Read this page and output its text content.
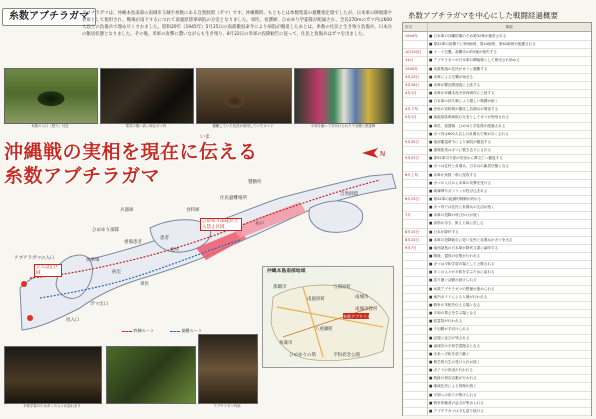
糸数アブチラガマ
アブチラガマは、沖縄本島南部の南城市玉城字糸数にある自然洞窟（ガマ）です。沖縄戦時、もともとは糸数集落の避難指定壕でしたが、日本軍の陣地壕や倉庫として使用され、戦場が南下するにつれて南風原陸軍病院の分室となりました。軍医、看護婦、ひめゆり学徒隊が配属され、全長270mのガマ内は600人以上の負傷兵で埋め尽くされました。昭和20年（1945年）5月25日の南部撤退命令により病院が撤退したあとは、糸数の住民と生き残り負傷兵、日本兵の雑居状態となりました。その後、米軍の攻撃に遭いながらも生き残り、8月22日の米軍の投降勧告に従って、住民と負傷兵はガマを出ました。
糸数の入口（竪穴）付近	電気の無い真っ暗なガマ内	避難していた住民が使用していたカマド	平和を願って手向けられた千羽鶴と慰霊碑
いま
沖縄戦の実相を現在に伝える
糸数アブチラガマ
N
製糖所
住民避難場所
自然洞窟
兵器庫	食料庫
井戸
ひめゆり部隊
重傷患者
患者
便所
炊事場
病室
ガマ出口
アブチラガマの入口
軍医
投入口
ひめゆり部隊が立入禁止区域
立入禁止区域
病棟ルート	避難ルート
沖縄本島南部地域
那覇市
南風原町	南城市
糸満市
八重瀬町
与那原町
ひめゆりの塔	平和祈念公園
糸数アブチラガマ
南城市役所
平和学習のため多くの人々が訪れます	アブチラガマ内部
糸数アブチラガマを中心にした戦闘経過概要
年月	事項
1944年	■ 日本軍の沖縄防衛のため第32軍が創設される
■ 第32軍の指揮下に第9師団、第24師団、第62師団が配備される
10月10日	■ 十・十空襲。那覇市の約9割が焼失する
11月	■ アブチラガマが日本軍の陣地壕として使用され始める
1945年	■ 糸数集落の住民がガマに避難する
3月23日	■ 米軍による空襲が始まる
3月26日	■ 米軍が慶良間諸島に上陸する
4月1日	■ 米軍が沖縄本島中部西海岸に上陸する
■ 日本軍の持久戦により激しい戦闘が続く
4月下旬	■ 首里の攻防戦が激化し負傷兵が増加する
5月1日	■ 南風原陸軍病院の分室としてガマが使用される
■ 軍医、看護婦、ひめゆり学徒隊が配属される
■ ガマ内は600人以上の負傷兵で埋め尽くされる
5月25日	■ 南部撤退命令により病院が撤退する
■ 重傷患者はガマに置き去りにされる
5月27日	■ 第32軍司令部が首里から摩文仁へ撤退する
■ ガマは住民と負傷兵、日本兵の雑居状態となる
6月上旬	■ 米軍が糸数一帯に侵攻する
■ ガマの入口から米軍の攻撃を受ける
■ 黄燐弾やガソリンが投げ込まれる
6月23日	■ 第32軍の組織的戦闘が終わる
■ ガマ内では住民と負傷兵の生活が続く
7月	■ 米軍の投降の呼びかけが続く
■ 食料が尽き、飢えと病に苦しむ
8月15日	■ 日本が降伏する
8月22日	■ 米軍の投降勧告に従い住民と負傷兵がガマを出る
9月7日	■ 南西諸島の日本軍が降伏文書に調印する
■ 戦後、遺骨の収集が行われる
■ ガマは平和学習の場として公開される
■ 多くの人々が平和を学ぶために訪れる
■ 語り継ぐ活動が続けられる
■ 糸数アブチラガマの整備が進められる
■ 案内ガイドによる入壕が行われる
■ 戦争の実相を伝える場となる
■ 平和の尊さを学ぶ場となる
■ 慰霊祭が行われる
■ 千羽鶴が手向けられる
■ 記録と証言が残される
■ 南城市の平和学習拠点となる
■ 未来へ平和を語り継ぐ
■ 修学旅行生の受け入れが続く
■ ガイドの育成が行われる
■ 戦跡の保存活動が行われる
■ 地域住民による管理が続く
■ 平和への祈りが捧げられる
■ 戦争体験者の証言が集められる
■ アブチラガマは今も語り続ける
